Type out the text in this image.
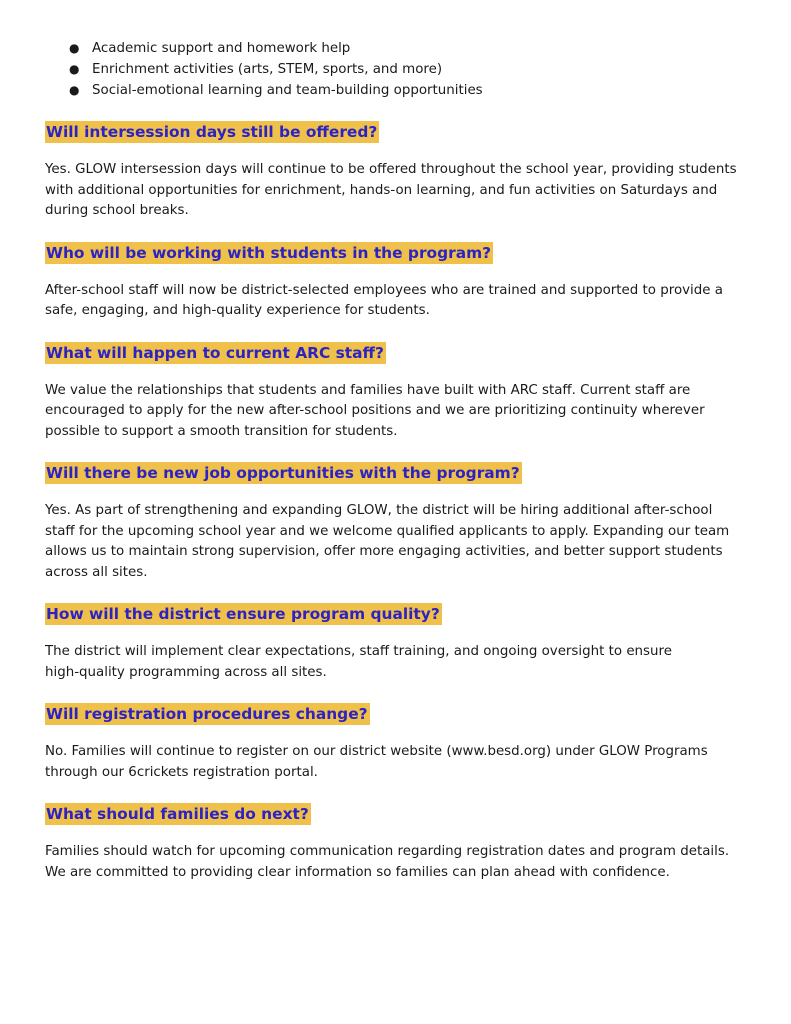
● Academic support and homework help
● Enrichment activities (arts, STEM, sports, and more)
● Social-emotional learning and team-building opportunities
Will intersession days still be offered?

Yes. GLOW intersession days will continue to be offered throughout the school year, providing students
with additional opportunities for enrichment, hands-on learning, and fun activities on Saturdays and
during school breaks.

Who will be working with students in the program?

After-school staff will now be district-selected employees who are trained and supported to provide a
safe, engaging, and high-quality experience for students.

What will happen to current ARC staff?

We value the relationships that students and families have built with ARC staff. Current staff are
encouraged to apply for the new after-school positions and we are prioritizing continuity wherever
possible to support a smooth transition for students.

Will there be new job opportunities with the program?

Yes. As part of strengthening and expanding GLOW, the district will be hiring additional after-school
staff for the upcoming school year and we welcome qualified applicants to apply. Expanding our team
allows us to maintain strong supervision, offer more engaging activities, and better support students
across all sites.

How will the district ensure program quality?

The district will implement clear expectations, staff training, and ongoing oversight to ensure
high-quality programming across all sites.

Will registration procedures change?

No. Families will continue to register on our district website (www.besd.org) under GLOW Programs
through our 6crickets registration portal.

What should families do next?

Families should watch for upcoming communication regarding registration dates and program details.
We are committed to providing clear information so families can plan ahead with confidence.
